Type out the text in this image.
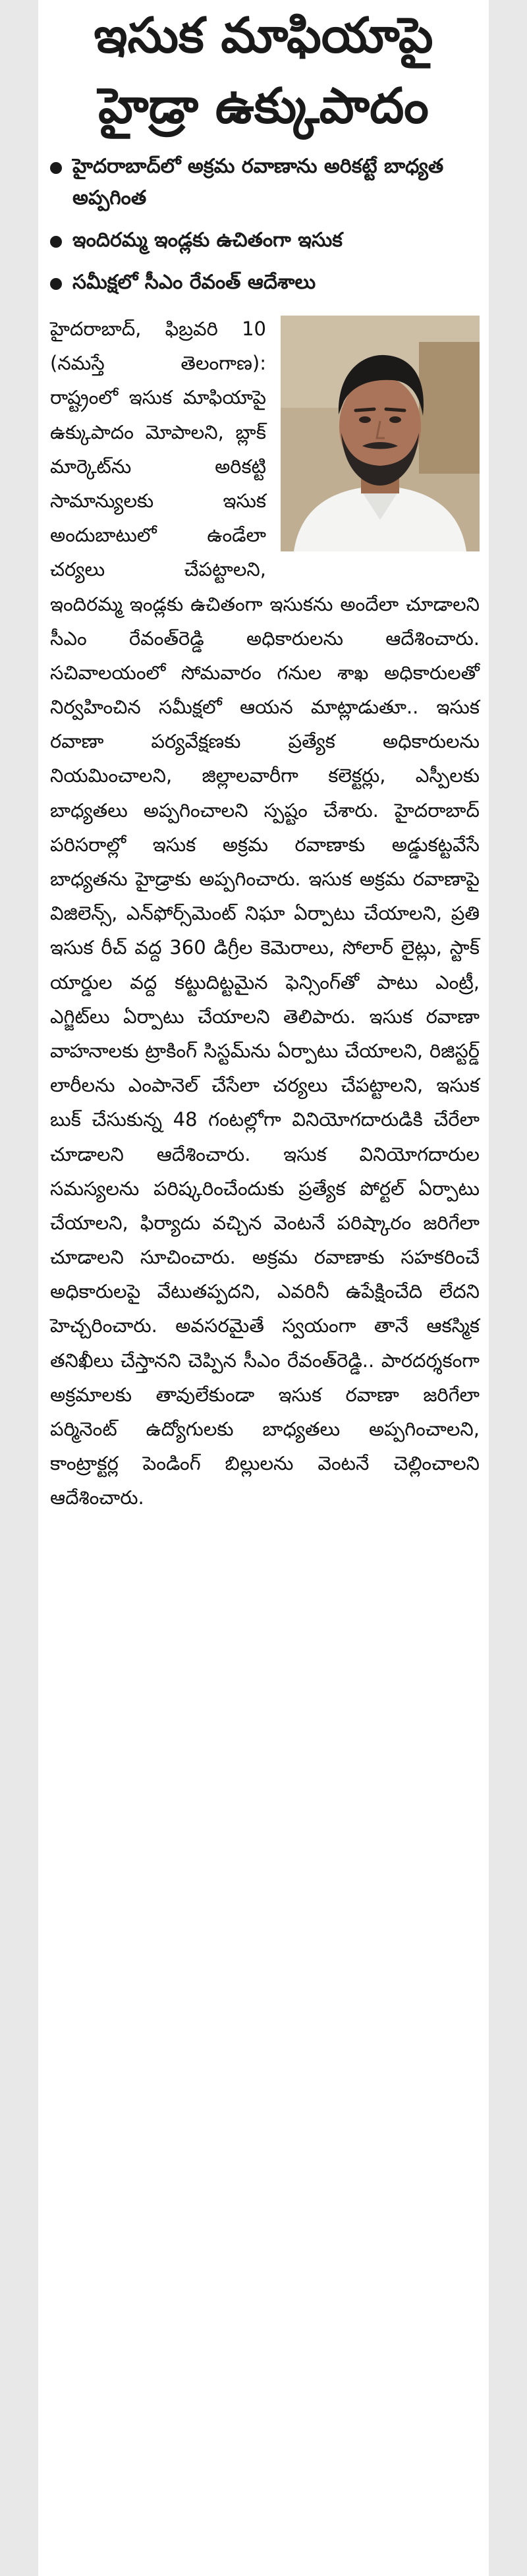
ఇసుక మాఫియాపై
హైడ్రా ఉక్కుపాదం
హైదరాబాద్‌లో అక్రమ రవాణాను అరికట్టే బాధ్యత అప్పగింత
ఇందిరమ్మ ఇండ్లకు ఉచితంగా ఇసుక
సమీక్షలో సీఎం రేవంత్ ఆదేశాలు

హైదరాబాద్, ఫిబ్రవరి 10 (నమస్తే తెలంగాణ): రాష్ట్రంలో ఇసుక మాఫియాపై ఉక్కుపాదం మోపాలని, బ్లాక్ మార్కెట్‌ను అరికట్టి సామాన్యులకు ఇసుక అందుబాటులో ఉండేలా చర్యలు చేపట్టాలని, ఇందిరమ్మ ఇండ్లకు ఉచితంగా ఇసుకను అందేలా చూడాలని సీఎం రేవంత్‌రెడ్డి అధికారులను ఆదేశించారు. సచివాలయంలో సోమవారం గనుల శాఖ అధికారులతో నిర్వహించిన సమీక్షలో ఆయన మాట్లాడుతూ.. ఇసుక రవాణా పర్యవేక్షణకు ప్రత్యేక అధికారులను నియమించాలని, జిల్లాలవారీగా కలెక్టర్లు, ఎస్పీలకు బాధ్యతలు అప్పగించాలని స్పష్టం చేశారు. హైదరాబాద్ పరిసరాల్లో ఇసుక అక్రమ రవాణాకు అడ్డుకట్టవేసే బాధ్యతను హైడ్రాకు అప్పగించారు. ఇసుక అక్రమ రవాణాపై విజిలెన్స్, ఎన్‌ఫోర్స్‌మెంట్ నిఘా ఏర్పాటు చేయాలని, ప్రతి ఇసుక రీచ్ వద్ద 360 డిగ్రీల కెమెరాలు, సోలార్ లైట్లు, స్టాక్ యార్డుల వద్ద కట్టుదిట్టమైన ఫెన్సింగ్‌తో పాటు ఎంట్రీ, ఎగ్జిట్‌లు ఏర్పాటు చేయాలని తెలిపారు. ఇసుక రవాణా వాహనాలకు ట్రాకింగ్ సిస్టమ్‌ను ఏర్పాటు చేయాలని, రిజిస్టర్డ్ లారీలను ఎంపానెల్ చేసేలా చర్యలు చేపట్టాలని, ఇసుక బుక్ చేసుకున్న 48 గంటల్లోగా వినియోగదారుడికి చేరేలా చూడాలని ఆదేశించారు. ఇసుక వినియోగదారుల సమస్యలను పరిష్కరించేందుకు ప్రత్యేక పోర్టల్ ఏర్పాటు చేయాలని, ఫిర్యాదు వచ్చిన వెంటనే పరిష్కారం జరిగేలా చూడాలని సూచించారు. అక్రమ రవాణాకు సహకరించే అధికారులపై వేటుతప్పదని, ఎవరినీ ఉపేక్షించేది లేదని హెచ్చరించారు. అవసరమైతే స్వయంగా తానే ఆకస్మిక తనిఖీలు చేస్తానని చెప్పిన సీఎం రేవంత్‌రెడ్డి.. పారదర్శకంగా అక్రమాలకు తావులేకుండా ఇసుక రవాణా జరిగేలా పర్మినెంట్ ఉద్యోగులకు బాధ్యతలు అప్పగించాలని, కాంట్రాక్టర్ల పెండింగ్ బిల్లులను వెంటనే చెల్లించాలని ఆదేశించారు.
